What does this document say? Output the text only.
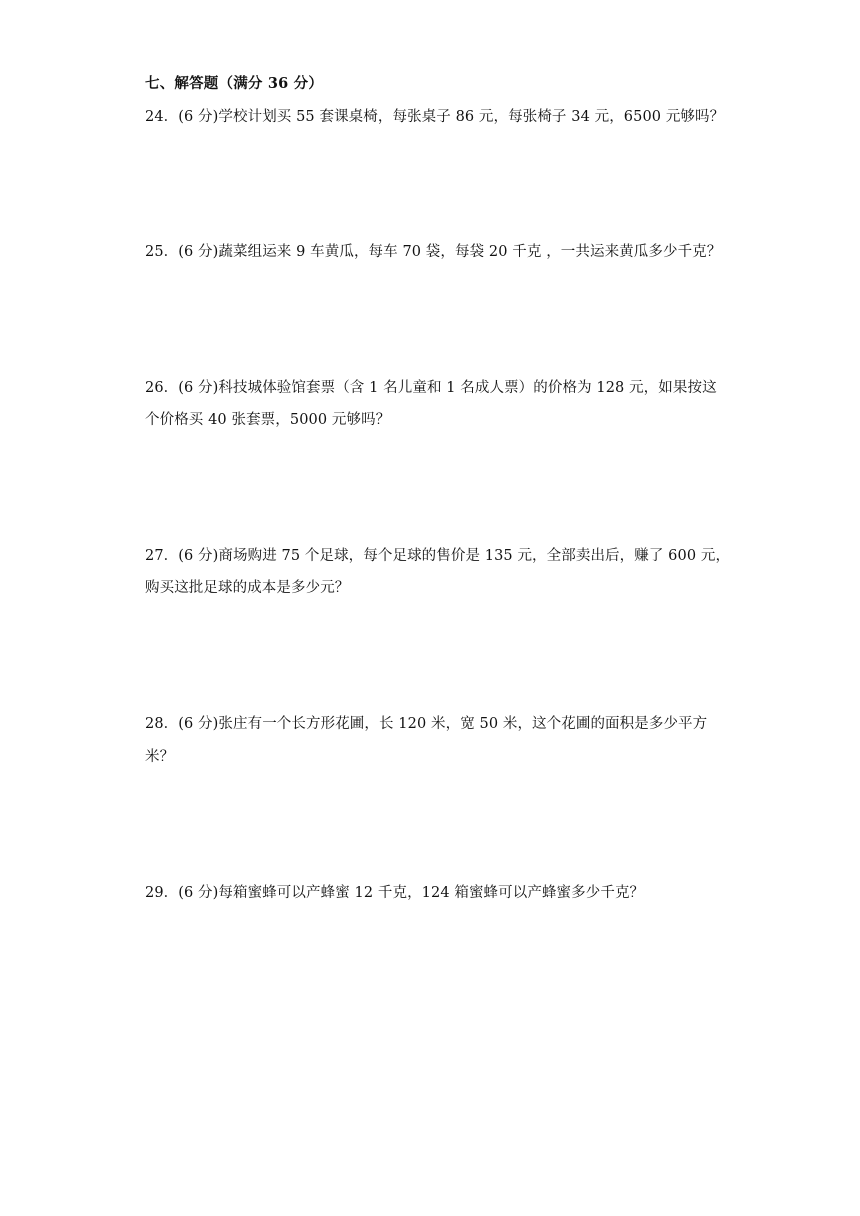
七、解答题（满分 36 分）
24．(6 分)学校计划买 55 套课桌椅，每张桌子 86 元，每张椅子 34 元，6500 元够吗？
25．(6 分)蔬菜组运来 9 车黄瓜，每车 70 袋，每袋 20 千克 ，一共运来黄瓜多少千克？
26．(6 分)科技城体验馆套票（含 1 名儿童和 1 名成人票）的价格为 128 元，如果按这
个价格买 40 张套票，5000 元够吗？
27．(6 分)商场购进 75 个足球，每个足球的售价是 135 元，全部卖出后，赚了 600 元，
购买这批足球的成本是多少元？
28．(6 分)张庄有一个长方形花圃，长 120 米，宽 50 米，这个花圃的面积是多少平方
米？
29．(6 分)每箱蜜蜂可以产蜂蜜 12 千克，124 箱蜜蜂可以产蜂蜜多少千克？
